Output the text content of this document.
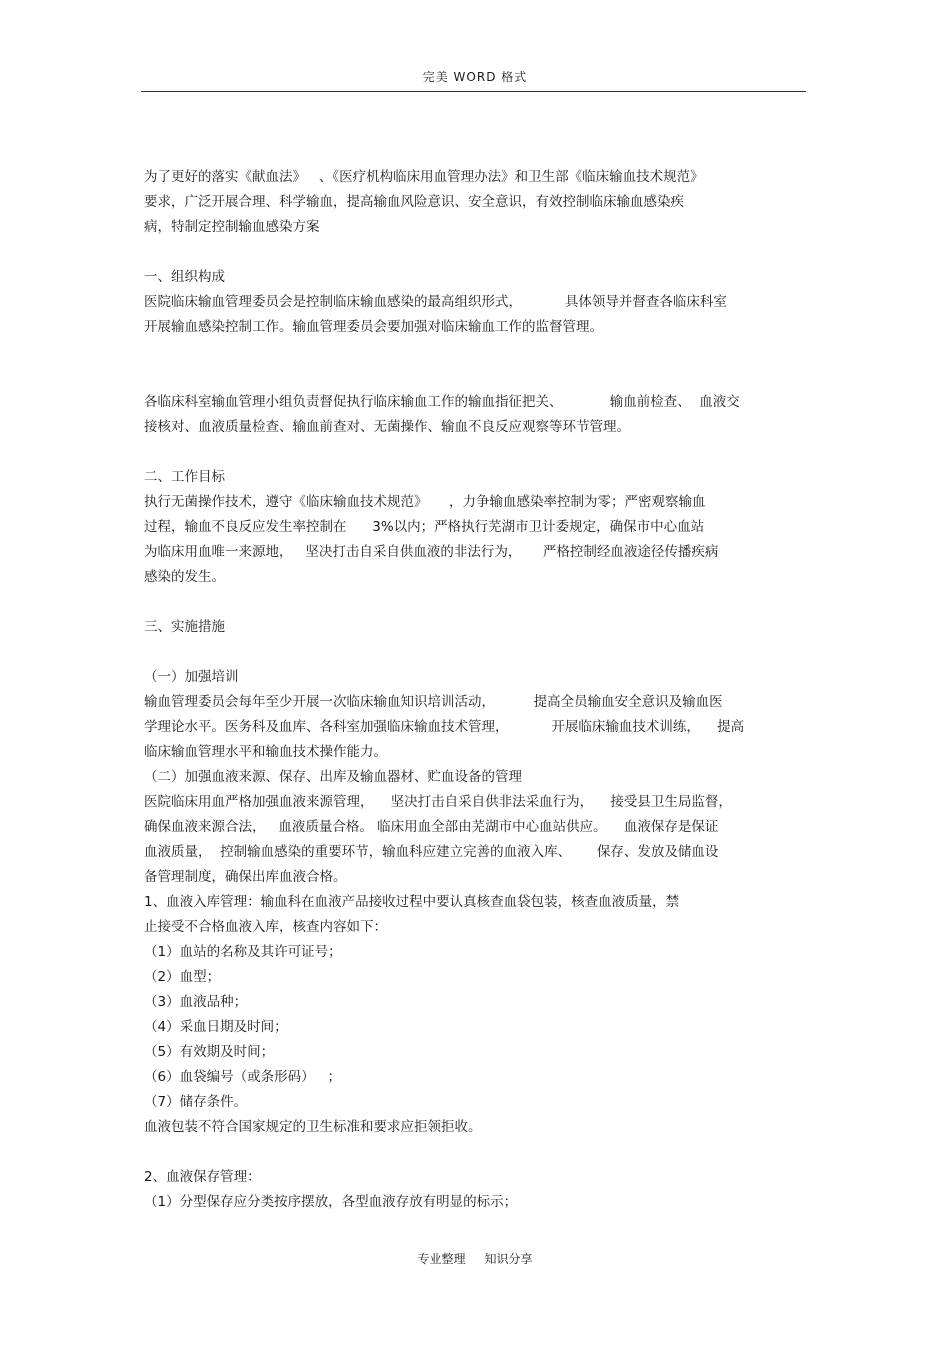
完美 WORD 格式
为了更好的落实《献血法》   、《医疗机构临床用血管理办法》和卫生部《临床输血技术规范》
要求，广泛开展合理、科学输血，提高输血风险意识、安全意识，有效控制临床输血感染疾
病，特制定控制输血感染方案
一、组织构成
医院临床输血管理委员会是控制临床输血感染的最高组织形式，          具体领导并督查各临床科室
开展输血感染控制工作。输血管理委员会要加强对临床输血工作的监督管理。
各临床科室输血管理小组负责督促执行临床输血工作的输血指征把关、           输血前检查、  血液交
接核对、血液质量检查、输血前查对、无菌操作、输血不良反应观察等环节管理。
二、工作目标
执行无菌操作技术，遵守《临床输血技术规范》     ，力争输血感染率控制为零；严密观察输血
过程，输血不良反应发生率控制在      3%以内；严格执行芜湖市卫计委规定，确保市中心血站
为临床用血唯一来源地，   坚决打击自采自供血液的非法行为，     严格控制经血液途径传播疾病
感染的发生。
三、实施措施
（一）加强培训
输血管理委员会每年至少开展一次临床输血知识培训活动，         提高全员输血安全意识及输血医
学理论水平。医务科及血库、各科室加强临床输血技术管理，          开展临床输血技术训练，    提高
临床输血管理水平和输血技术操作能力。
（二）加强血液来源、保存、出库及输血器材、贮血设备的管理
医院临床用血严格加强血液来源管理，    坚决打击自采自供非法采血行为，    接受县卫生局监督，
确保血液来源合法，   血液质量合格。 临床用血全部由芜湖市中心血站供应。    血液保存是保证
血液质量，  控制输血感染的重要环节，输血科应建立完善的血液入库、      保存、发放及储血设
备管理制度，确保出库血液合格。
1、血液入库管理：输血科在血液产品接收过程中要认真核查血袋包装，核查血液质量，禁
止接受不合格血液入库，核查内容如下：
（1）血站的名称及其许可证号；
（2）血型；
（3）血液品种；
（4）采血日期及时间；
（5）有效期及时间；
（6）血袋编号（或条形码）   ；
（7）储存条件。
血液包装不符合国家规定的卫生标准和要求应拒领拒收。
2、血液保存管理：
（1）分型保存应分类按序摆放，各型血液存放有明显的标示；
专业整理     知识分享
